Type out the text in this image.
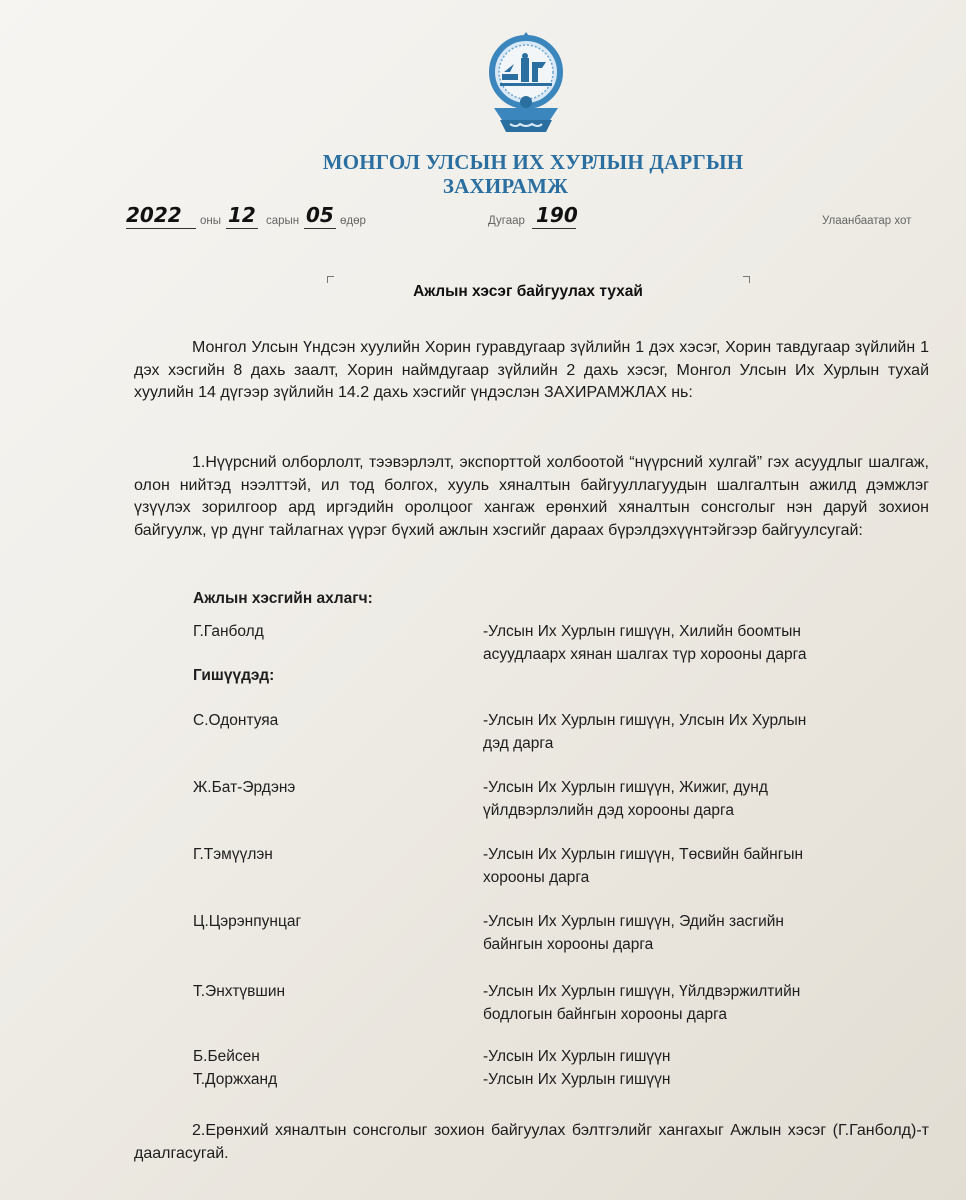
МОНГОЛ УЛСЫН ИХ ХУРЛЫН ДАРГЫН
ЗАХИРАМЖ
2022 оны 12 сарын 05 өдөр	Дугаар 190	Улаанбаатар хот
Ажлын хэсэг байгуулах тухай
Монгол Улсын Үндсэн хуулийн Хорин гуравдугаар зүйлийн 1 дэх хэсэг, Хорин тавдугаар зүйлийн 1 дэх хэсгийн 8 дахь заалт, Хорин наймдугаар зүйлийн 2 дахь хэсэг, Монгол Улсын Их Хурлын тухай хуулийн 14 дүгээр зүйлийн 14.2 дахь хэсгийг үндэслэн ЗАХИРАМЖЛАХ нь:
1.Нүүрсний олборлолт, тээвэрлэлт, экспорттой холбоотой “нүүрсний хулгай” гэх асуудлыг шалгаж, олон нийтэд нээлттэй, ил тод болгох, хууль хяналтын байгууллагуудын шалгалтын ажилд дэмжлэг үзүүлэх зорилгоор ард иргэдийн оролцоог хангаж ерөнхий хяналтын сонсголыг нэн даруй зохион байгуулж, үр дүнг тайлагнах үүрэг бүхий ажлын хэсгийг дараах бүрэлдэхүүнтэйгээр байгуулсугай:
Ажлын хэсгийн ахлагч:
Г.Ганболд	-Улсын Их Хурлын гишүүн, Хилийн боомтын
асуудлаарх хянан шалгах түр хорооны дарга
Гишүүдэд:
С.Одонтуяа	-Улсын Их Хурлын гишүүн, Улсын Их Хурлын
дэд дарга
Ж.Бат-Эрдэнэ	-Улсын Их Хурлын гишүүн, Жижиг, дунд
үйлдвэрлэлийн дэд хорооны дарга
Г.Тэмүүлэн	-Улсын Их Хурлын гишүүн, Төсвийн байнгын
хорооны дарга
Ц.Цэрэнпунцаг	-Улсын Их Хурлын гишүүн, Эдийн засгийн
байнгын хорооны дарга
Т.Энхтүвшин	-Улсын Их Хурлын гишүүн, Үйлдвэржилтийн
бодлогын байнгын хорооны дарга
Б.Бейсен	-Улсын Их Хурлын гишүүн
Т.Доржханд	-Улсын Их Хурлын гишүүн
2.Ерөнхий хяналтын сонсголыг зохион байгуулах бэлтгэлийг хангахыг Ажлын хэсэг (Г.Ганболд)-т даалгасугай.
